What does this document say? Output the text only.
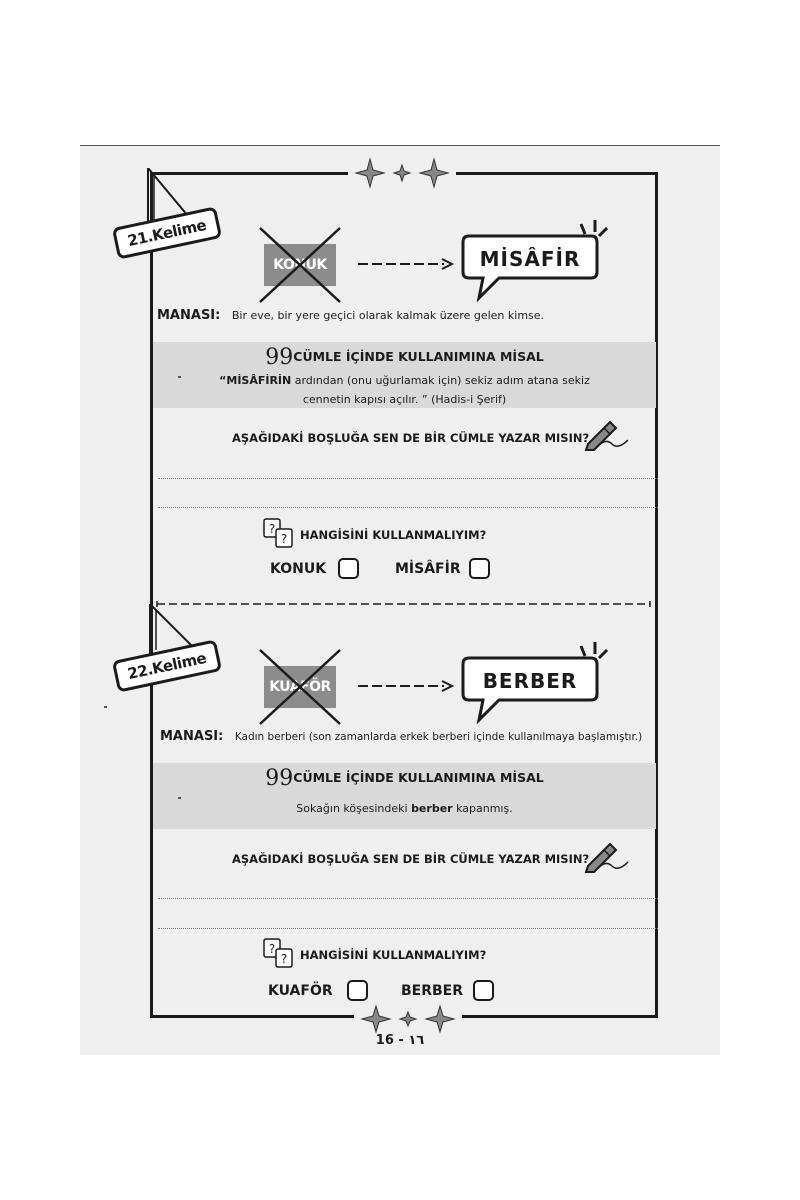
21.Kelime
KONUK	MİSÂFİR
MANASI: Bir eve, bir yere geçici olarak kalmak üzere gelen kimse.
99CÜMLE İÇİNDE KULLANIMINA MİSAL
“MİSÂFİRİN ardından (onu uğurlamak için) sekiz adım atana sekiz
cennetin kapısı açılır. ” (Hadis-i Şerif)
AŞAĞIDAKİ BOŞLUĞA SEN DE BİR CÜMLE YAZAR MISIN?
?
? HANGİSİNİ KULLANMALIYIM?
KONUK	MİSÂFİR
22.Kelime
KUAFÖR	BERBER
MANASI: Kadın berberi (son zamanlarda erkek berberi içinde kullanılmaya başlamıştır.)
99CÜMLE İÇİNDE KULLANIMINA MİSAL
Sokağın köşesindeki berber kapanmış.
AŞAĞIDAKİ BOŞLUĞA SEN DE BİR CÜMLE YAZAR MISIN?
?
? HANGİSİNİ KULLANMALIYIM?
KUAFÖR	BERBER
16 - ١٦
